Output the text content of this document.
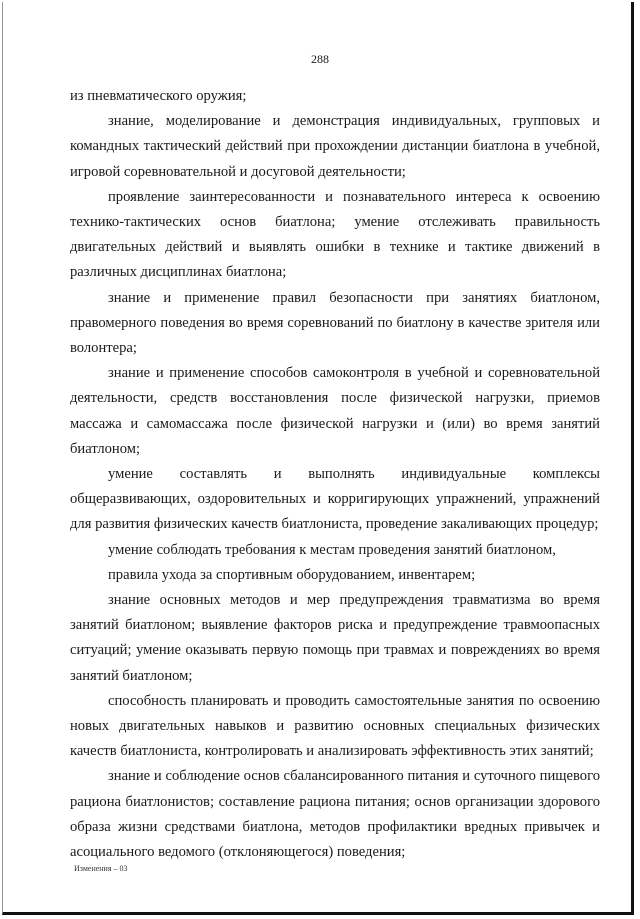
288

из пневматического оружия;

знание, моделирование и демонстрация индивидуальных, групповых и командных тактический действий при прохождении дистанции биатлона в учебной, игровой соревновательной и досуговой деятельности;

проявление заинтересованности и познавательного интереса к освоению технико-тактических основ биатлона; умение отслеживать правильность двигательных действий и выявлять ошибки в технике и тактике движений в различных дисциплинах биатлона;

знание и применение правил безопасности при занятиях биатлоном, правомерного поведения во время соревнований по биатлону в качестве зрителя или волонтера;

знание и применение способов самоконтроля в учебной и соревновательной деятельности, средств восстановления после физической нагрузки, приемов массажа и самомассажа после физической нагрузки и (или) во время занятий биатлоном;

умение составлять и выполнять индивидуальные комплексы общеразвивающих, оздоровительных и корригирующих упражнений, упражнений для развития физических качеств биатлониста, проведение закаливающих процедур;

умение соблюдать требования к местам проведения занятий биатлоном,

правила ухода за спортивным оборудованием, инвентарем;

знание основных методов и мер предупреждения травматизма во время занятий биатлоном; выявление факторов риска и предупреждение травмоопасных ситуаций; умение оказывать первую помощь при травмах и повреждениях во время занятий биатлоном;

способность планировать и проводить самостоятельные занятия по освоению новых двигательных навыков и развитию основных специальных физических качеств биатлониста, контролировать и анализировать эффективность этих занятий;

знание и соблюдение основ сбалансированного питания и суточного пищевого рациона биатлонистов; составление рациона питания; основ организации здорового образа жизни средствами биатлона, методов профилактики вредных привычек и асоциального ведомого (отклоняющегося) поведения;

Изменения – 03
